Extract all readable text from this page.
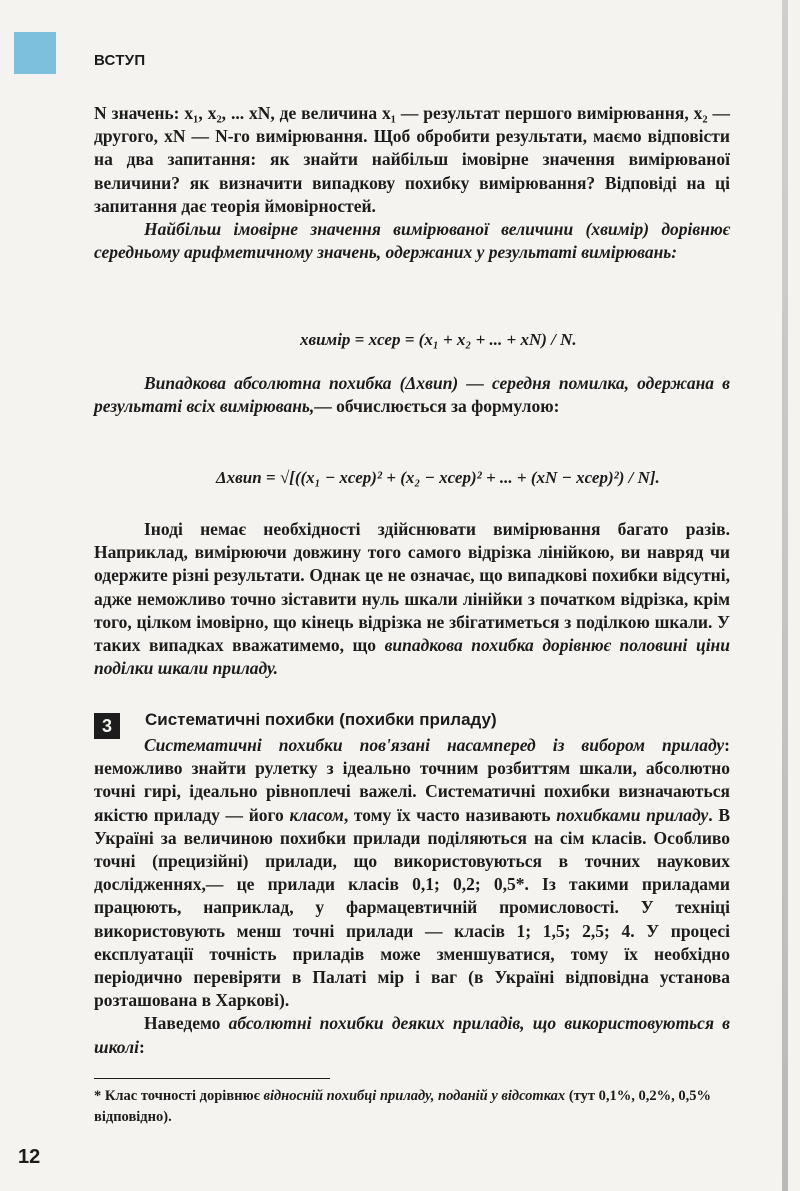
ВСТУП

N значень: x₁, x₂, ... xN, де величина x₁ — результат першого вимірювання, x₂ — другого, xN — N-го вимірювання. Щоб обробити результати, маємо відповісти на два запитання: як знайти найбільш імовірне значення вимірюваної величини? як визначити випадкову похибку вимірювання? Відповіді на ці запитання дає теорія ймовірностей.

Найбільш імовірне значення вимірюваної величини (xвимір) дорівнює середньому арифметичному значень, одержаних у результаті вимірювань:

xвимір = xсер = (x₁ + x₂ + ... + xN) / N.

Випадкова абсолютна похибка (Δxвип) — середня помилка, одержана в результаті всіх вимірювань,— обчислюється за формулою:

Δxвип = √[((x₁ − xсер)² + (x₂ − xсер)² + ... + (xN − xсер)²) / N].

Іноді немає необхідності здійснювати вимірювання багато разів. Наприклад, вимірюючи довжину того самого відрізка лінійкою, ви навряд чи одержите різні результати. Однак це не означає, що випадкові похибки відсутні, адже неможливо точно зіставити нуль шкали лінійки з початком відрізка, крім того, цілком імовірно, що кінець відрізка не збігатиметься з поділкою шкали. У таких випадках вважатимемо, що випадкова похибка дорівнює половині ціни поділки шкали приладу.

3	Систематичні похибки (похибки приладу)

Систематичні похибки пов'язані насамперед із вибором приладу: неможливо знайти рулетку з ідеально точним розбиттям шкали, абсолютно точні гирі, ідеально рівноплечі важелі. Систематичні похибки визначаються якістю приладу — його класом, тому їх часто називають похибками приладу. В Україні за величиною похибки прилади поділяються на сім класів. Особливо точні (прецизійні) прилади, що використовуються в точних наукових дослідженнях,— це прилади класів 0,1; 0,2; 0,5*. Із такими приладами працюють, наприклад, у фармацевтичній промисловості. У техніці використовують менш точні прилади — класів 1; 1,5; 2,5; 4. У процесі експлуатації точність приладів може зменшуватися, тому їх необхідно періодично перевіряти в Палаті мір і ваг (в Україні відповідна установа розташована в Харкові).

Наведемо абсолютні похибки деяких приладів, що використовуються в школі:

* Клас точності дорівнює відносній похибці приладу, поданій у відсотках (тут 0,1%, 0,2%, 0,5% відповідно).
12
